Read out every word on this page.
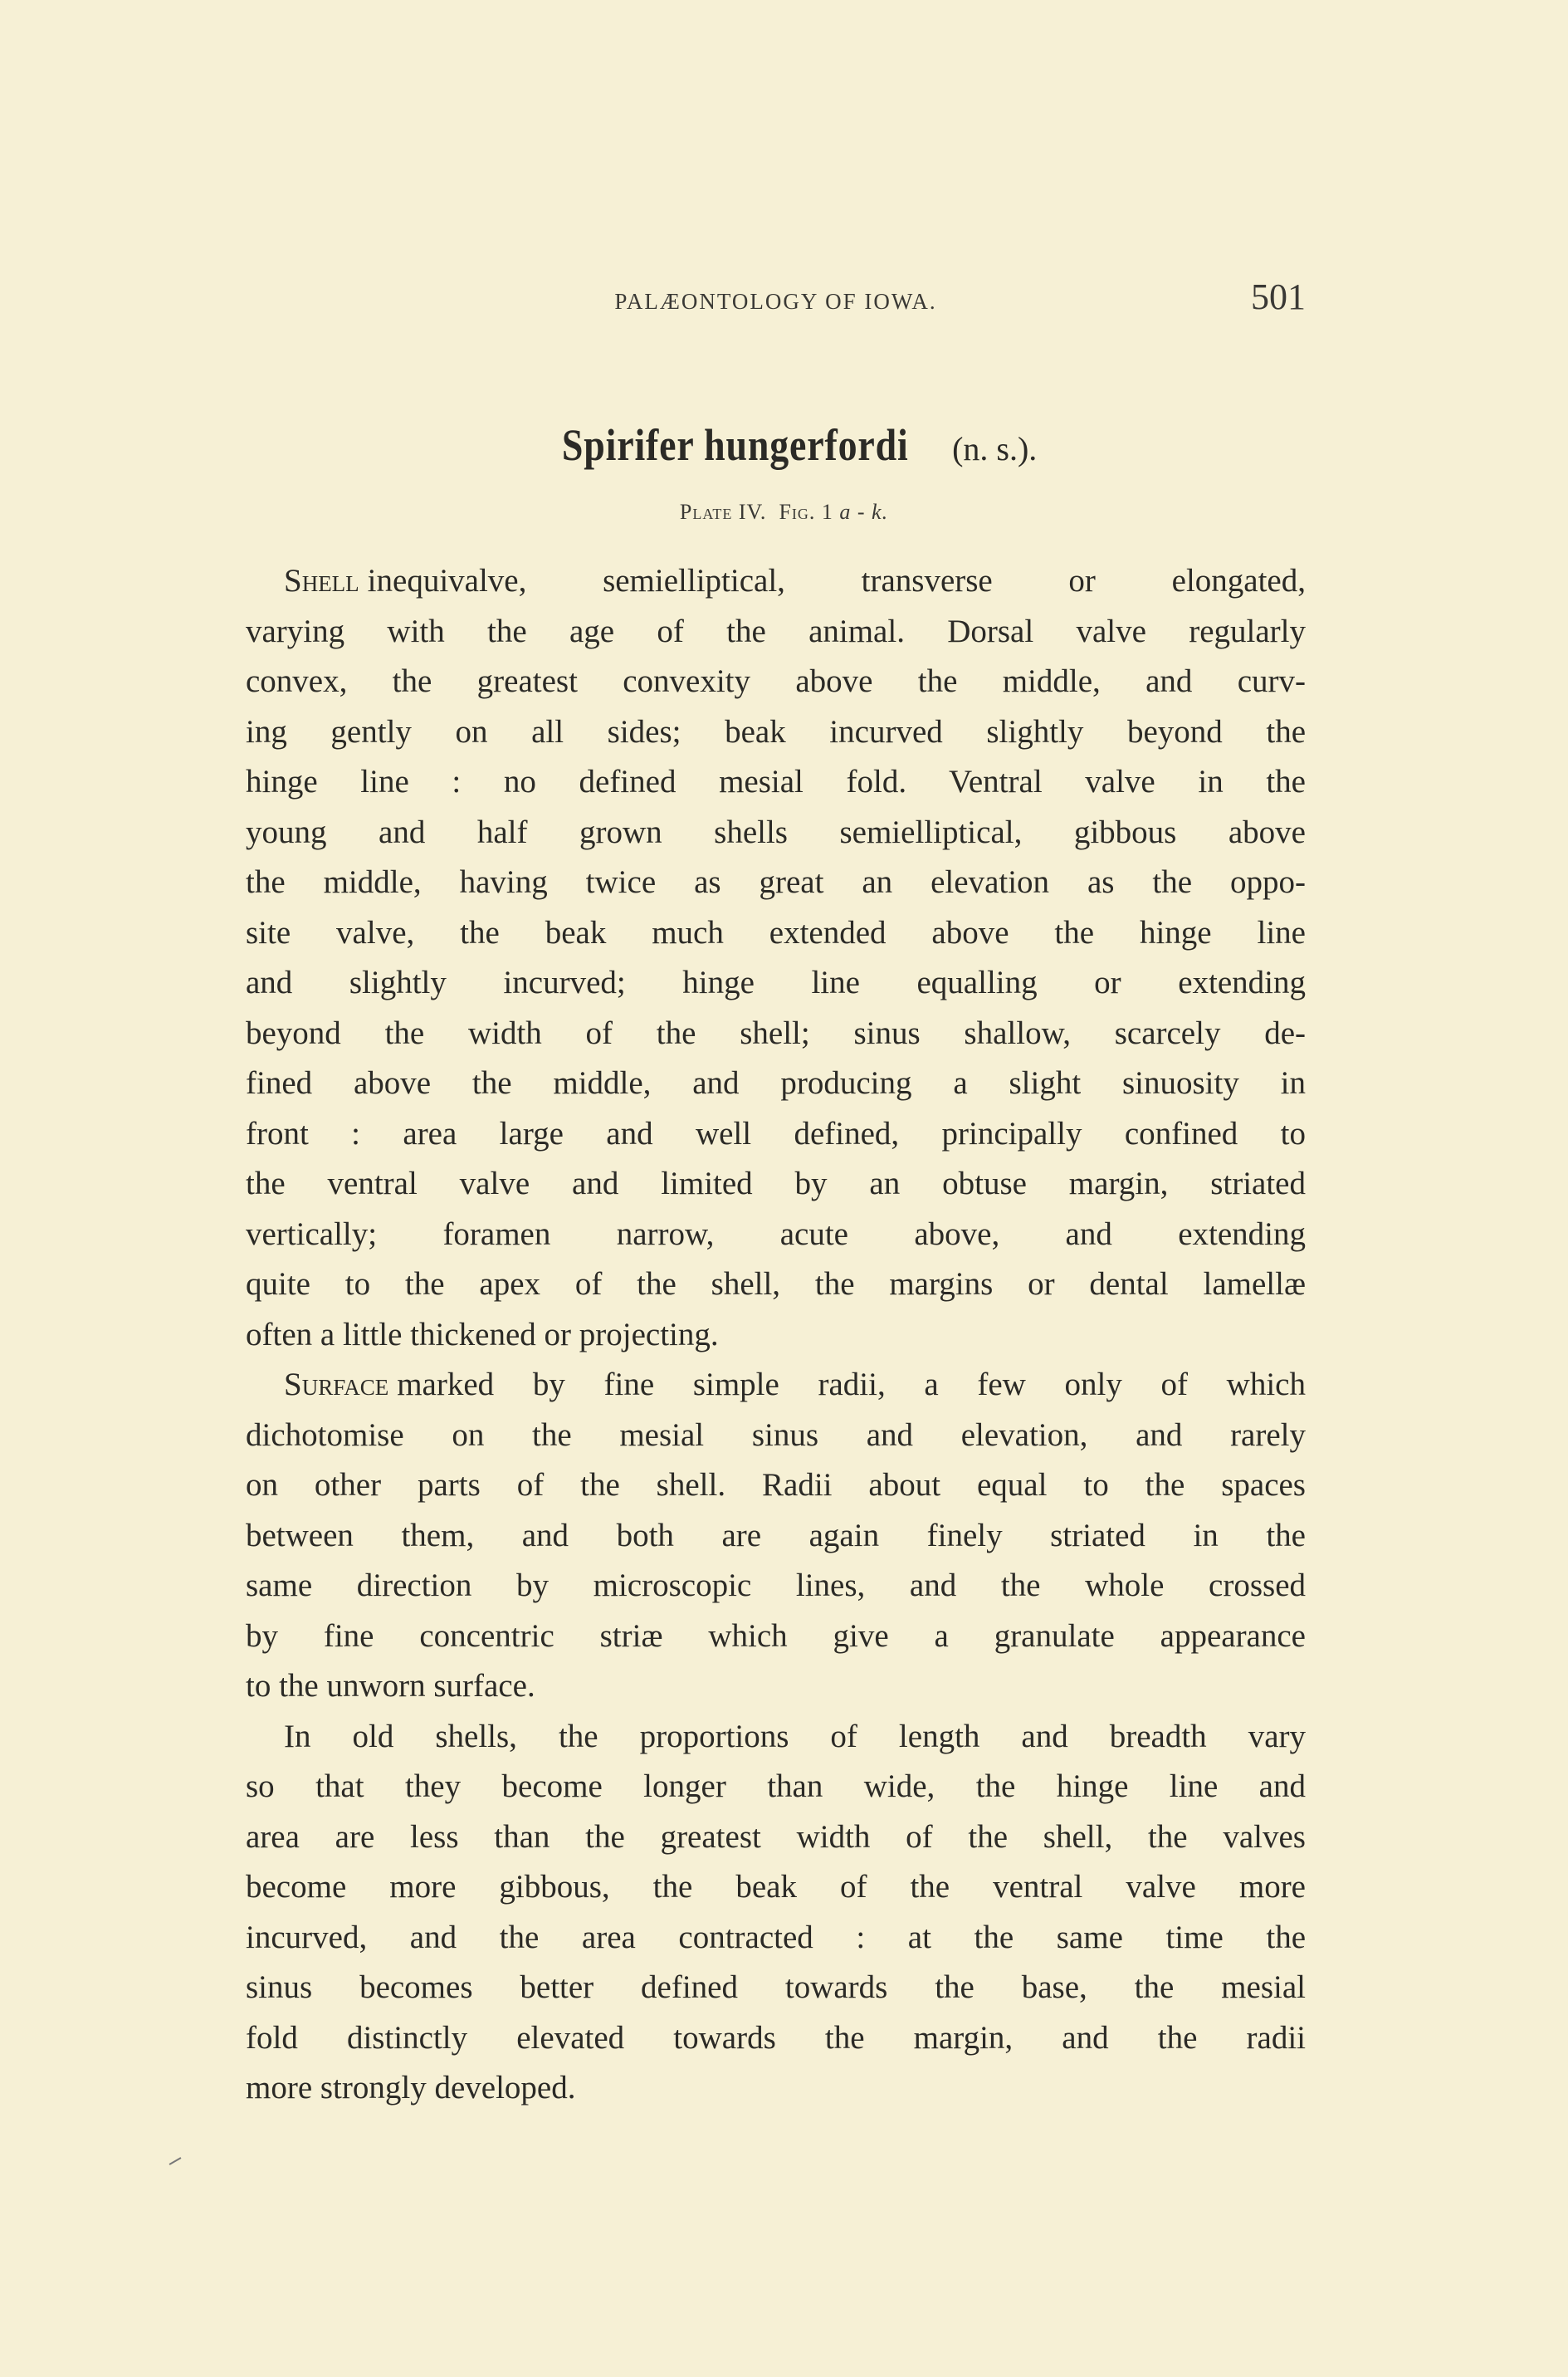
PALÆONTOLOGY OF IOWA.	501
Spirifer hungerfordi (n. s.).
Plate IV. Fig. 1 a - k.
Shell inequivalve, semielliptical, transverse or elongated,
varying with the age of the animal. Dorsal valve regularly
convex, the greatest convexity above the middle, and curv-
ing gently on all sides; beak incurved slightly beyond the
hinge line : no defined mesial fold. Ventral valve in the
young and half grown shells semielliptical, gibbous above
the middle, having twice as great an elevation as the oppo-
site valve, the beak much extended above the hinge line
and slightly incurved; hinge line equalling or extending
beyond the width of the shell; sinus shallow, scarcely de-
fined above the middle, and producing a slight sinuosity in
front : area large and well defined, principally confined to
the ventral valve and limited by an obtuse margin, striated
vertically; foramen narrow, acute above, and extending
quite to the apex of the shell, the margins or dental lamellæ
often a little thickened or projecting.
Surface marked by fine simple radii, a few only of which
dichotomise on the mesial sinus and elevation, and rarely
on other parts of the shell. Radii about equal to the spaces
between them, and both are again finely striated in the
same direction by microscopic lines, and the whole crossed
by fine concentric striæ which give a granulate appearance
to the unworn surface.
In old shells, the proportions of length and breadth vary
so that they become longer than wide, the hinge line and
area are less than the greatest width of the shell, the valves
become more gibbous, the beak of the ventral valve more
incurved, and the area contracted : at the same time the
sinus becomes better defined towards the base, the mesial
fold distinctly elevated towards the margin, and the radii
more strongly developed.
